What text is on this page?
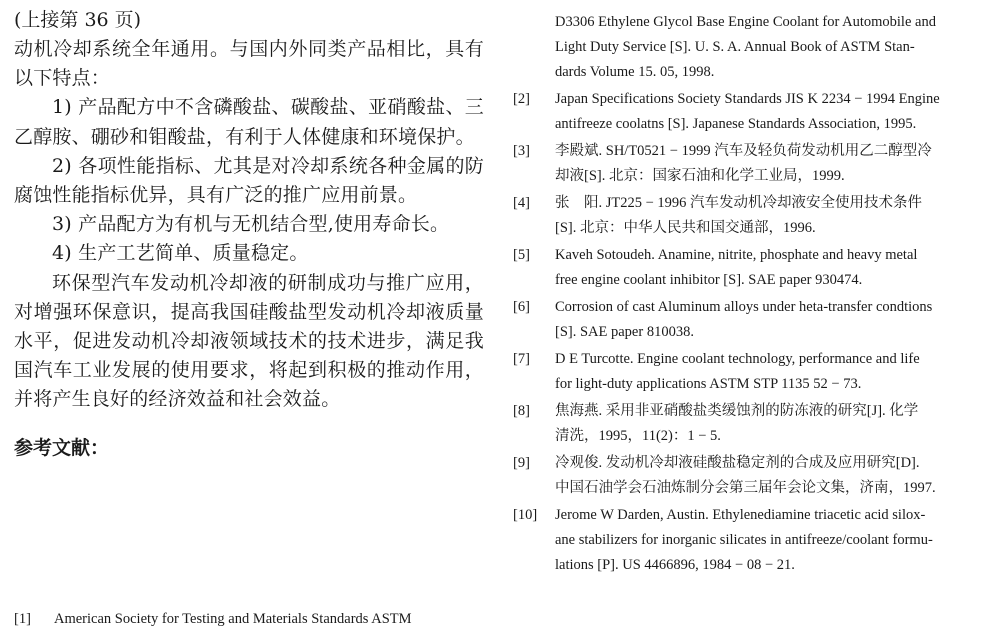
(上接第 36 页)

动机冷却系统全年通用。与国内外同类产品相比，具有以下特点：

1) 产品配方中不含磷酸盐、碳酸盐、亚硝酸盐、三乙醇胺、硼砂和钼酸盐，有利于人体健康和环境保护。

2) 各项性能指标、尤其是对冷却系统各种金属的防腐蚀性能指标优异，具有广泛的推广应用前景。

3) 产品配方为有机与无机结合型,使用寿命长。

4) 生产工艺简单、质量稳定。

环保型汽车发动机冷却液的研制成功与推广应用，对增强环保意识，提高我国硅酸盐型发动机冷却液质量水平，促进发动机冷却液领域技术的技术进步，满足我国汽车工业发展的使用要求，将起到积极的推动作用，并将产生良好的经济效益和社会效益。

参考文献：
[1] American Society for Testing and Materials Standards ASTM
D3306 Ethylene Glycol Base Engine Coolant for Automobile and
Light Duty Service [S]. U. S. A. Annual Book of ASTM Stan-
dards Volume 15. 05, 1998.
[2]	Japan Specifications Society Standards JIS K 2234 − 1994 Engine
antifreeze coolatns [S]. Japanese Standards Association, 1995.
[3]	李殿斌. SH/T0521 − 1999 汽车及轻负荷发动机用乙二醇型冷
却液[S]. 北京：国家石油和化学工业局，1999.
[4]	张　阳. JT225 − 1996 汽车发动机冷却液安全使用技术条件
[S]. 北京：中华人民共和国交通部，1996.
[5]	Kaveh Sotoudeh. Anamine, nitrite, phosphate and heavy metal
free engine coolant inhibitor [S]. SAE paper 930474.
[6]	Corrosion of cast Aluminum alloys under heta-transfer condtions
[S]. SAE paper 810038.
[7]	D E Turcotte. Engine coolant technology, performance and life
for light-duty applications ASTM STP 1135 52 − 73.
[8]	焦海燕. 采用非亚硝酸盐类缓蚀剂的防冻液的研究[J]. 化学
清洗，1995，11(2)：1 − 5.
[9]	冷观俊. 发动机冷却液硅酸盐稳定剂的合成及应用研究[D].
中国石油学会石油炼制分会第三届年会论文集，济南，1997.
[10]	Jerome W Darden, Austin. Ethylenediamine triacetic acid silox-
ane stabilizers for inorganic silicates in antifreeze/coolant formu-
lations [P]. US 4466896, 1984 − 08 − 21.
